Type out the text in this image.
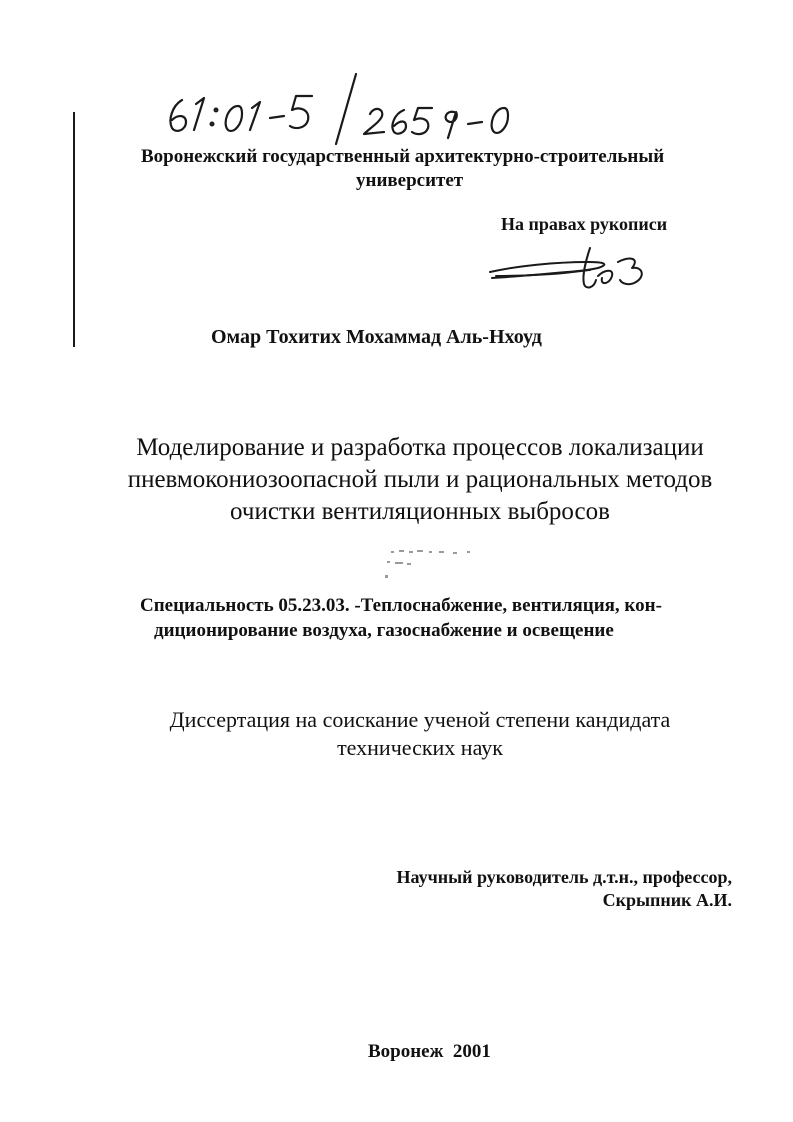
Воронежский государственный архитектурно-строительный
университет
На правах рукописи
Омар Тохитих Мохаммад Аль-Нхоуд
Моделирование и разработка процессов локализации
пневмокониозоопасной пыли и рациональных методов
очистки вентиляционных выбросов
Специальность 05.23.03. -Теплоснабжение, вентиляция, кон-
диционирование воздуха, газоснабжение и освещение
Диссертация на соискание ученой степени кандидата
технических наук
Научный руководитель д.т.н., профессор,
Скрыпник А.И.
Воронеж  2001
